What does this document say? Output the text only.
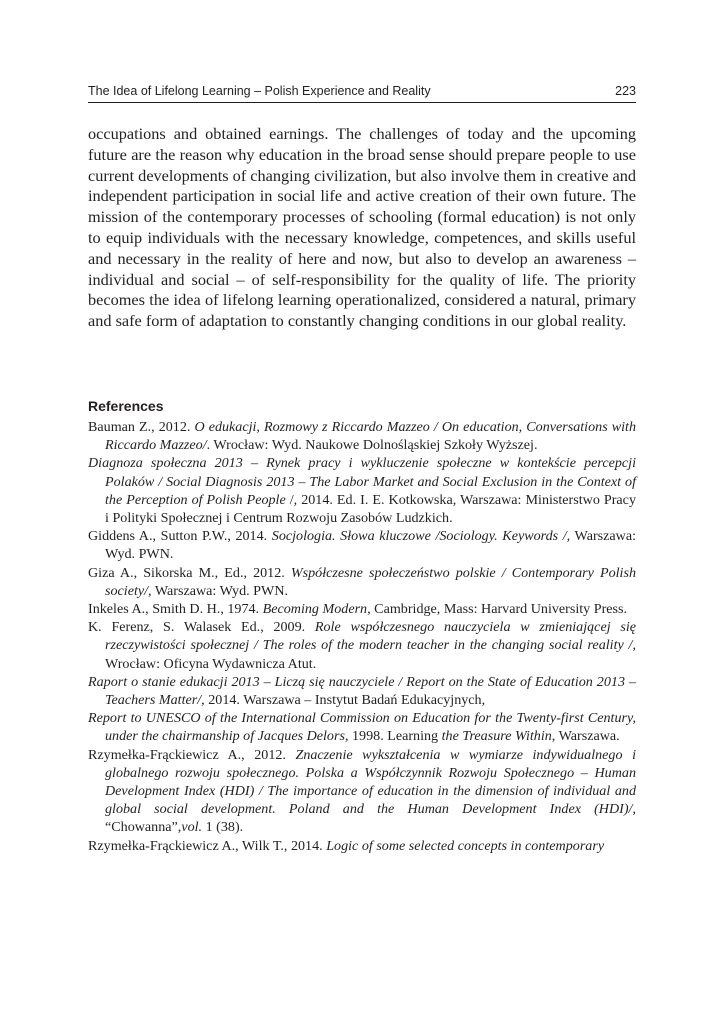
The Idea of Lifelong Learning – Polish Experience and Reality	223

occupations and obtained earnings. The challenges of today and the upcoming future are the reason why education in the broad sense should prepare people to use current developments of changing civilization, but also involve them in creative and independent participation in social life and active creation of their own future. The mission of the contemporary processes of schooling (formal education) is not only to equip individuals with the necessary knowledge, competences, and skills useful and necessary in the reality of here and now, but also to develop an awareness – individual and social – of self-responsibility for the quality of life. The priority becomes the idea of lifelong learning operationalized, considered a natural, primary and safe form of adaptation to constantly changing conditions in our global reality.

References
Bauman Z., 2012. O edukacji, Rozmowy z Riccardo Mazzeo / On education, Conversations with Riccardo Mazzeo/. Wrocław: Wyd. Naukowe Dolnośląskiej Szkoły Wyższej.
Diagnoza społeczna 2013 – Rynek pracy i wykluczenie społeczne w kontekście percepcji Polaków / Social Diagnosis 2013 – The Labor Market and Social Exclusion in the Context of the Perception of Polish People /, 2014. Ed. I. E. Kotkowska, Warszawa: Ministerstwo Pracy i Polityki Społecznej i Centrum Rozwoju Zasobów Ludzkich.
Giddens A., Sutton P.W., 2014. Socjologia. Słowa kluczowe /Sociology. Keywords /, Warszawa: Wyd. PWN.
Giza A., Sikorska M., Ed., 2012. Współczesne społeczeństwo polskie / Contemporary Polish society/, Warszawa: Wyd. PWN.
Inkeles A., Smith D. H., 1974. Becoming Modern, Cambridge, Mass: Harvard University Press.
K. Ferenz, S. Walasek Ed., 2009. Role współczesnego nauczyciela w zmieniającej się rzeczywistości społecznej / The roles of the modern teacher in the changing social reality /, Wrocław: Oficyna Wydawnicza Atut.
Raport o stanie edukacji 2013 – Liczą się nauczyciele / Report on the State of Education 2013 – Teachers Matter/, 2014. Warszawa – Instytut Badań Edukacyjnych,
Report to UNESCO of the International Commission on Education for the Twenty-first Century, under the chairmanship of Jacques Delors, 1998. Learning the Treasure Within, Warszawa.
Rzymełka-Frąckiewicz A., 2012. Znaczenie wykształcenia w wymiarze indywidualnego i globalnego rozwoju społecznego. Polska a Współczynnik Rozwoju Społecznego – Human Development Index (HDI) / The importance of education in the dimension of individual and global social development. Poland and the Human Development Index (HDI)/, “Chowanna”,vol. 1 (38).
Rzymełka-Frąckiewicz A., Wilk T., 2014. Logic of some selected concepts in contemporary
